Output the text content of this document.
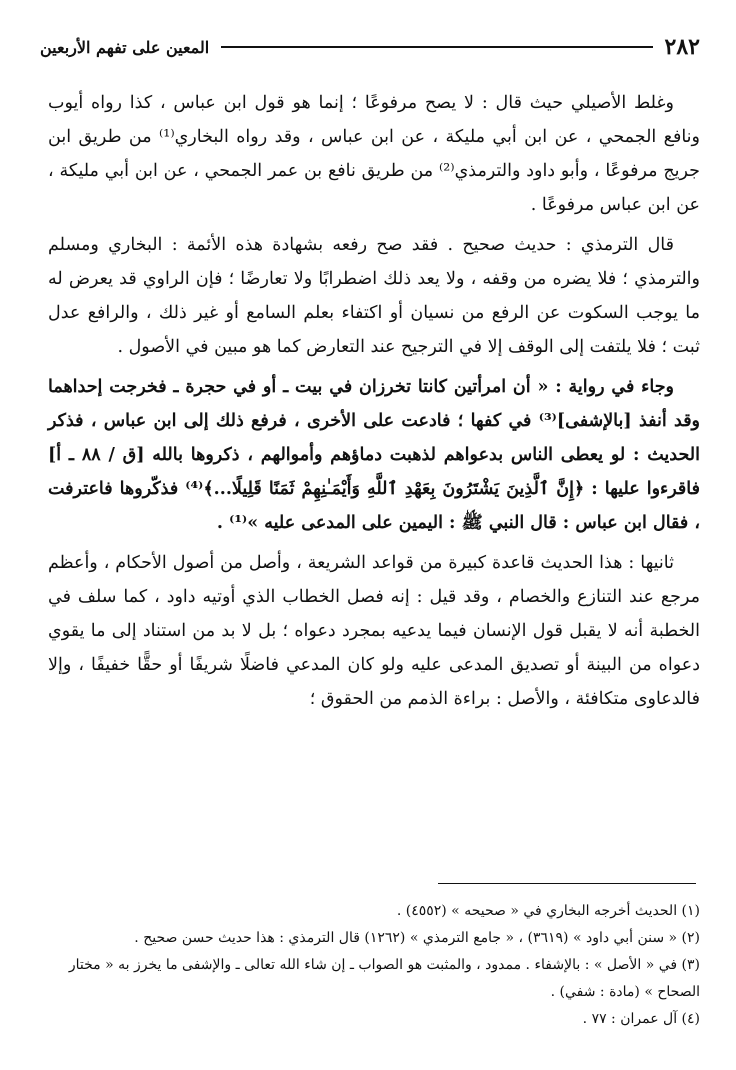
٢٨٢
المعين على تفهم الأربعين

وغلط الأصيلي حيث قال : لا يصح مرفوعًا ؛ إنما هو قول ابن عباس ، كذا رواه أيوب ونافع الجمحي ، عن ابن أبي مليكة ، عن ابن عباس ، وقد رواه البخاري⁽¹⁾ من طريق ابن جريج مرفوعًا ، وأبو داود والترمذي⁽²⁾ من طريق نافع بن عمر الجمحي ، عن ابن أبي مليكة ، عن ابن عباس مرفوعًا .

قال الترمذي : حديث صحيح . فقد صح رفعه بشهادة هذه الأئمة : البخاري ومسلم والترمذي ؛ فلا يضره من وقفه ، ولا يعد ذلك اضطرابًا ولا تعارضًا ؛ فإن الراوي قد يعرض له ما يوجب السكوت عن الرفع من نسيان أو اكتفاء بعلم السامع أو غير ذلك ، والرافع عدل ثبت ؛ فلا يلتفت إلى الوقف إلا في الترجيح عند التعارض كما هو مبين في الأصول .

وجاء في رواية : « أن امرأتين كانتا تخرزان في بيت ـ أو في حجرة ـ فخرجت إحداهما وقد أنفذ [بالإشفى]⁽³⁾ في كفها ؛ فادعت على الأخرى ، فرفع ذلك إلى ابن عباس ، فذكر الحديث : لو يعطى الناس بدعواهم لذهبت دماؤهم وأموالهم ، ذكروها بالله [ق / ٨٨ ـ أ] فاقرءوا عليها : ﴿إِنَّ ٱلَّذِينَ يَشْتَرُونَ بِعَهْدِ ٱللَّهِ وَأَيْمَـٰنِهِمْ ثَمَنًا قَلِيلًا...﴾⁽⁴⁾ فذكّروها فاعترفت ، فقال ابن عباس : قال النبي ﷺ : اليمين على المدعى عليه »⁽¹⁾ .

ثانيها : هذا الحديث قاعدة كبيرة من قواعد الشريعة ، وأصل من أصول الأحكام ، وأعظم مرجع عند التنازع والخصام ، وقد قيل : إنه فصل الخطاب الذي أوتيه داود ، كما سلف في الخطبة أنه لا يقبل قول الإنسان فيما يدعيه بمجرد دعواه ؛ بل لا بد من استناد إلى ما يقوي دعواه من البينة أو تصديق المدعى عليه ولو كان المدعي فاضلًا شريفًا أو حقًّا خفيفًا ، وإلا فالدعاوى متكافئة ، والأصل : براءة الذمم من الحقوق ؛

(١) الحديث أخرجه البخاري في « صحيحه » (٤٥٥٢) .

(٢) « سنن أبي داود » (٣٦١٩) ، « جامع الترمذي » (١٢٦٢) قال الترمذي : هذا حديث حسن صحيح .

(٣) في « الأصل » : بالإشفاء . ممدود ، والمثبت هو الصواب ـ إن شاء الله تعالى ـ والإشفى ما يخرز به « مختار الصحاح » (مادة : شفي) .

(٤) آل عمران : ٧٧ .
